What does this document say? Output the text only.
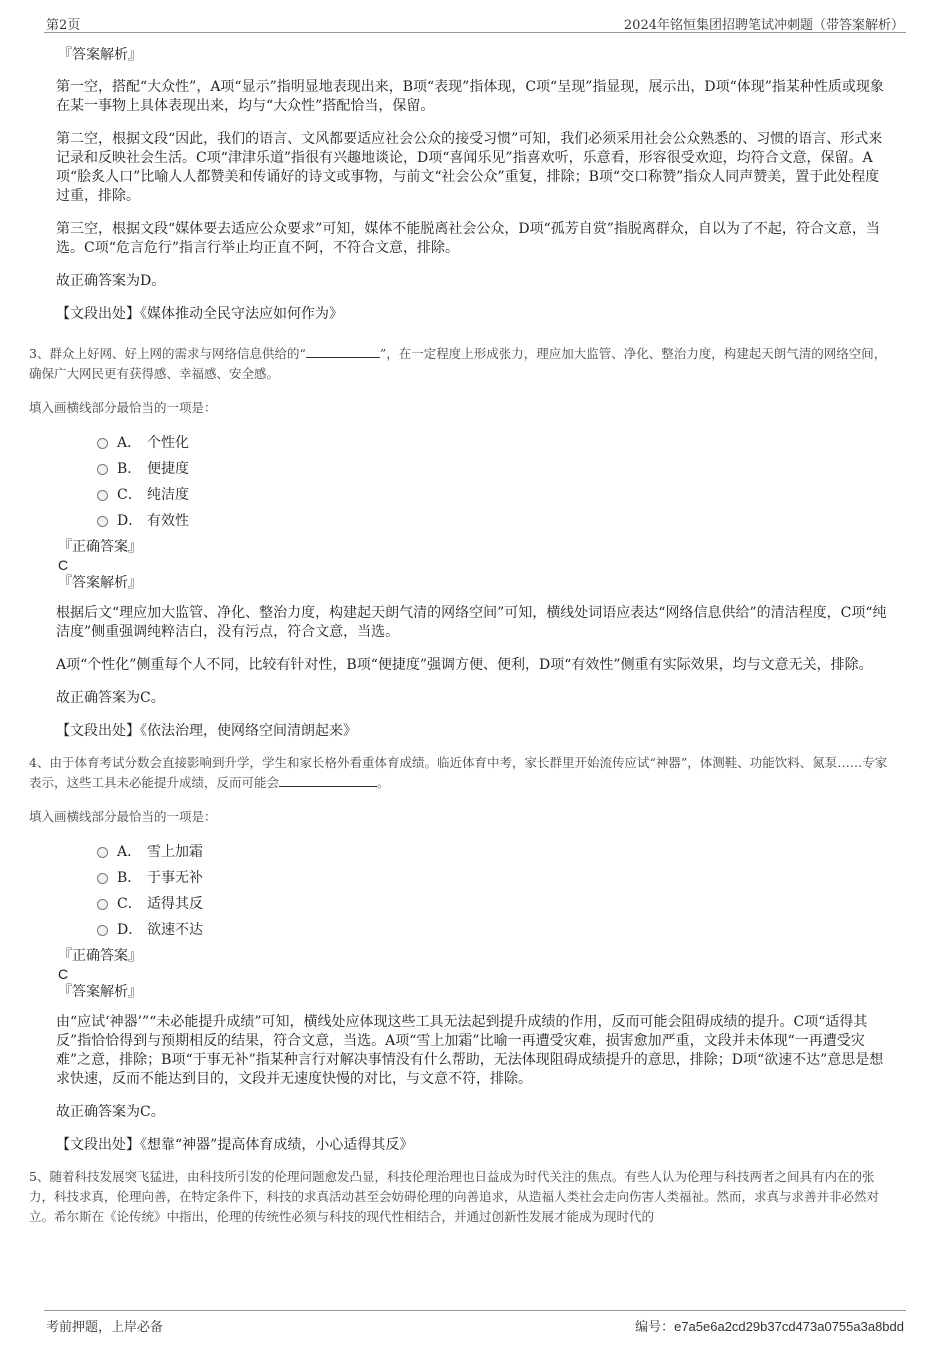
第2页	2024年铭恒集团招聘笔试冲刺题（带答案解析）
『答案解析』

第一空，搭配“大众性”，A项“显示”指明显地表现出来，B项“表现”指体现，C项“呈现”指显现，展示出，D项“体现”指某种性质或现象在某一事物上具体表现出来，均与“大众性”搭配恰当，保留。

第二空，根据文段“因此，我们的语言、文风都要适应社会公众的接受习惯”可知，我们必须采用社会公众熟悉的、习惯的语言、形式来记录和反映社会生活。C项“津津乐道”指很有兴趣地谈论，D项“喜闻乐见”指喜欢听，乐意看，形容很受欢迎，均符合文意，保留。A项“脍炙人口”比喻人人都赞美和传诵好的诗文或事物，与前文“社会公众”重复，排除；B项“交口称赞”指众人同声赞美，置于此处程度过重，排除。

第三空，根据文段“媒体要去适应公众要求”可知，媒体不能脱离社会公众，D项“孤芳自赏”指脱离群众，自以为了不起，符合文意，当选。C项“危言危行”指言行举止均正直不阿，不符合文意，排除。

故正确答案为D。

【文段出处】《媒体推动全民守法应如何作为》

3、群众上好网、好上网的需求与网络信息供给的“	”，在一定程度上形成张力，理应加大监管、净化、整治力度，构建起天朗气清的网络空间，确保广大网民更有获得感、幸福感、安全感。

填入画横线部分最恰当的一项是：

A． 个性化
B． 便捷度
C． 纯洁度
D． 有效性
『正确答案』
C
『答案解析』

根据后文“理应加大监管、净化、整治力度，构建起天朗气清的网络空间”可知，横线处词语应表达“网络信息供给”的清洁程度，C项“纯洁度”侧重强调纯粹洁白，没有污点，符合文意，当选。

A项“个性化”侧重每个人不同，比较有针对性，B项“便捷度”强调方便、便利，D项“有效性”侧重有实际效果，均与文意无关，排除。

故正确答案为C。

【文段出处】《依法治理，使网络空间清朗起来》

4、由于体育考试分数会直接影响到升学，学生和家长格外看重体育成绩。临近体育中考，家长群里开始流传应试“神器”，体测鞋、功能饮料、氮泵……专家表示，这些工具未必能提升成绩，反而可能会	。

填入画横线部分最恰当的一项是：

A． 雪上加霜
B． 于事无补
C． 适得其反
D． 欲速不达
『正确答案』
C
『答案解析』

由“应试‘神器’”“未必能提升成绩”可知，横线处应体现这些工具无法起到提升成绩的作用，反而可能会阻碍成绩的提升。C项“适得其反”指恰恰得到与预期相反的结果，符合文意，当选。A项“雪上加霜”比喻一再遭受灾难，损害愈加严重，文段并未体现“一再遭受灾难”之意，排除；B项“于事无补”指某种言行对解决事情没有什么帮助，无法体现阻碍成绩提升的意思，排除；D项“欲速不达”意思是想求快速，反而不能达到目的，文段并无速度快慢的对比，与文意不符，排除。

故正确答案为C。

【文段出处】《想靠“神器”提高体育成绩，小心适得其反》

5、随着科技发展突飞猛进，由科技所引发的伦理问题愈发凸显，科技伦理治理也日益成为时代关注的焦点。有些人认为伦理与科技两者之间具有内在的张力，科技求真，伦理向善，在特定条件下，科技的求真活动甚至会妨碍伦理的向善追求，从造福人类社会走向伤害人类福祉。然而，求真与求善并非必然对立。希尔斯在《论传统》中指出，伦理的传统性必须与科技的现代性相结合，并通过创新性发展才能成为现时代的

考前押题，上岸必备	编号：e7a5e6a2cd29b37cd473a0755a3a8bdd
